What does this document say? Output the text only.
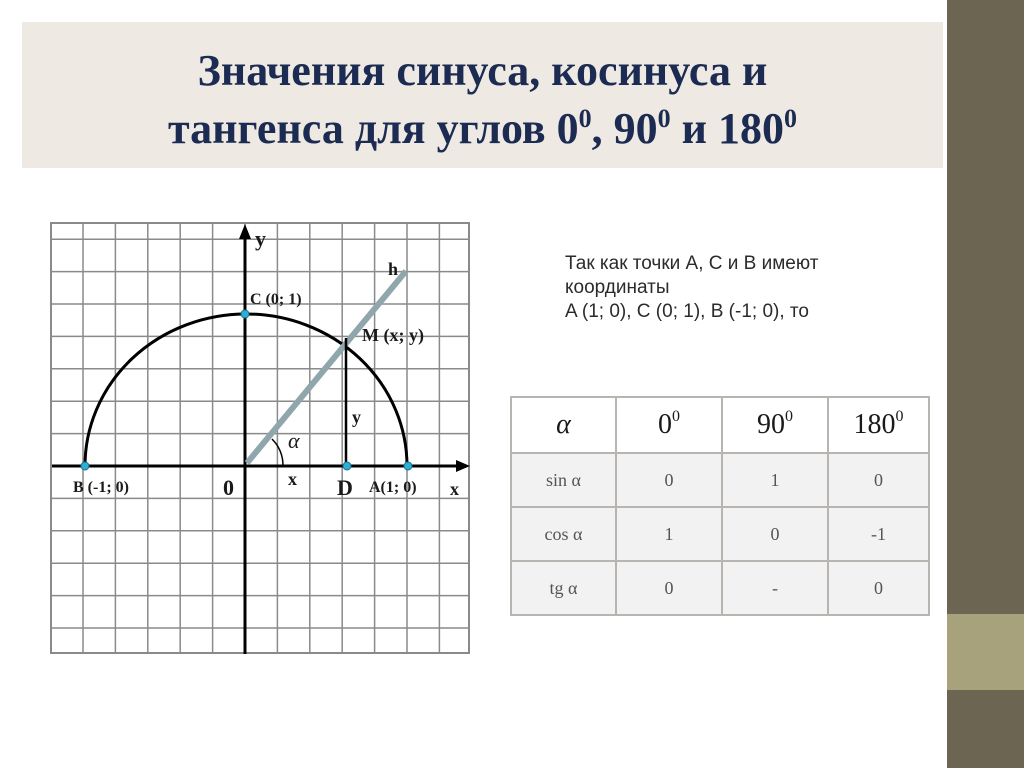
Значения синуса, косинуса и
тангенса для углов $0^0$, $90^0$ и $180^0$
y
h
C (0; 1)
M (x; y)
y
α
x
B (-1; 0)	0	D A(1; 0) x
Так как точки A, C и B имеют
координаты
A (1; 0), C (0; 1), B (-1; 0), то
α	$0^0$	$90^0$	$180^0$
sin α	0	1	0
cos α	1	0	-1
tg α	0	-	0
